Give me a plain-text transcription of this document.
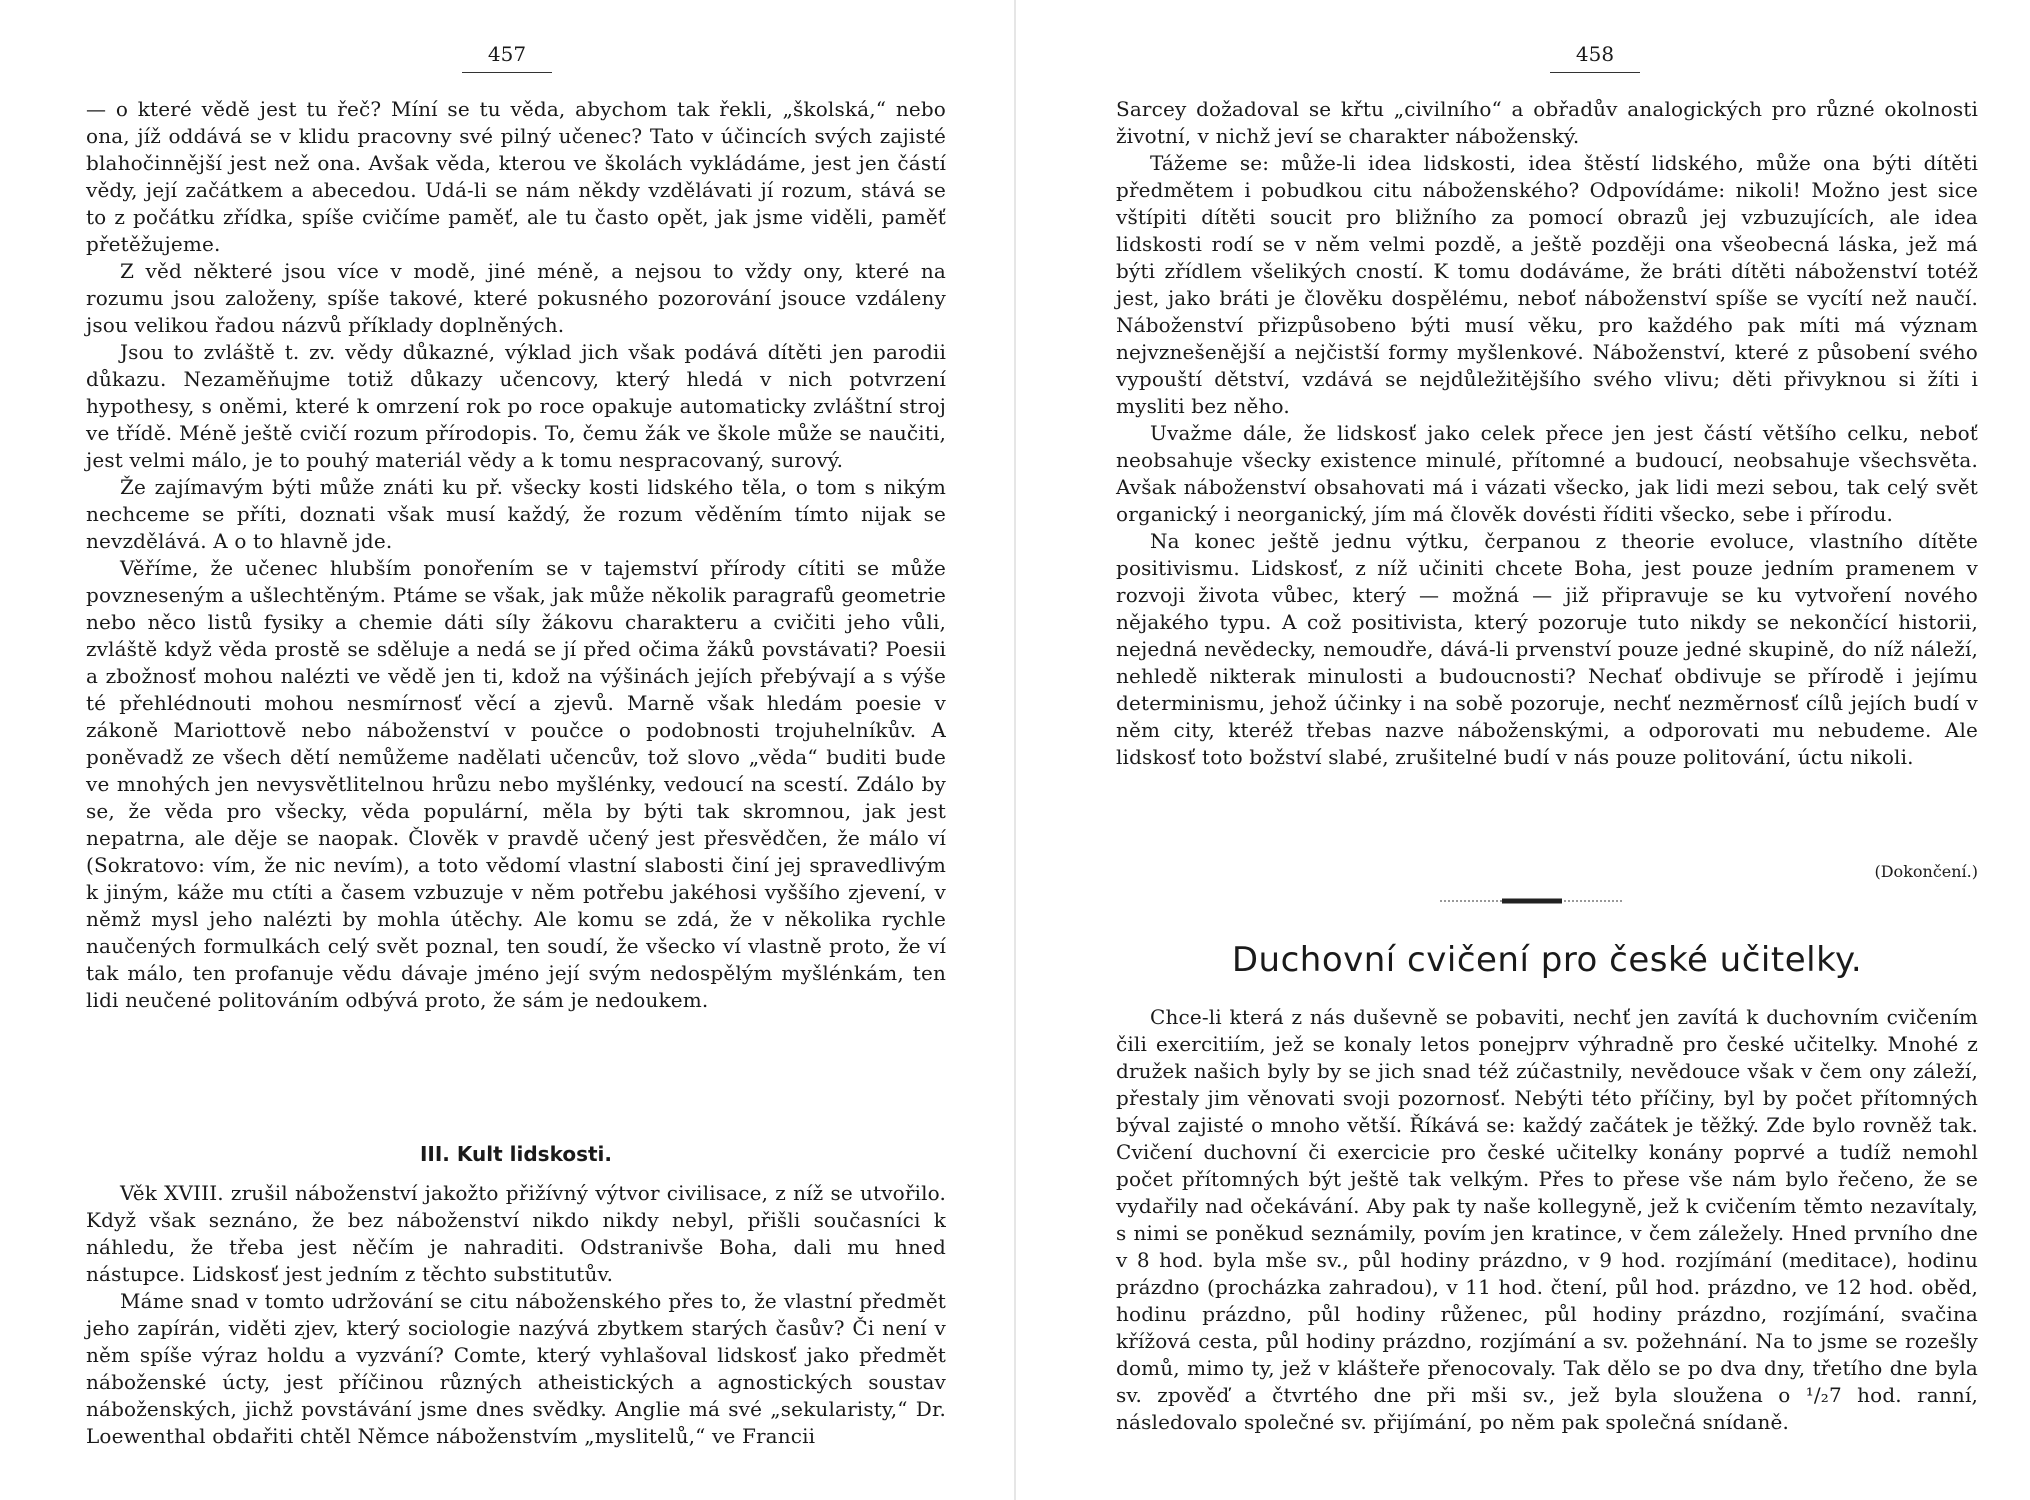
457

— o které vědě jest tu řeč? Míní se tu věda, abychom tak řekli, „školská,“ nebo ona, jíž oddává se v klidu pracovny své pilný učenec? Tato v účincích svých zajisté blahočinnější jest než ona. Avšak věda, kterou ve školách vykládáme, jest jen částí vědy, její začátkem a abecedou. Udá-li se nám někdy vzdělávati jí rozum, stává se to z počátku zřídka, spíše cvičíme paměť, ale tu často opět, jak jsme viděli, paměť přetěžujeme.

Z věd některé jsou více v modě, jiné méně, a nejsou to vždy ony, které na rozumu jsou založeny, spíše takové, které pokusného pozorování jsouce vzdáleny jsou velikou řadou názvů příklady doplněných.

Jsou to zvláště t. zv. vědy důkazné, výklad jich však podává dítěti jen parodii důkazu. Nezaměňujme totiž důkazy učencovy, který hledá v nich potvrzení hypothesy, s oněmi, které k omrzení rok po roce opakuje automaticky zvláštní stroj ve třídě. Méně ještě cvičí rozum přírodopis. To, čemu žák ve škole může se naučiti, jest velmi málo, je to pouhý materiál vědy a k tomu nespracovaný, surový.

Že zajímavým býti může znáti ku př. všecky kosti lidského těla, o tom s nikým nechceme se příti, doznati však musí každý, že rozum věděním tímto nijak se nevzdělává. A o to hlavně jde.

Věříme, že učenec hlubším ponořením se v tajemství přírody cítiti se může povzneseným a ušlechtěným. Ptáme se však, jak může několik paragrafů geometrie nebo něco listů fysiky a chemie dáti síly žákovu charakteru a cvičiti jeho vůli, zvláště když věda prostě se sděluje a nedá se jí před očima žáků povstávati? Poesii a zbožnosť mohou nalézti ve vědě jen ti, kdož na výšinách jejích přebývají a s výše té přehlédnouti mohou nesmírnosť věcí a zjevů. Marně však hledám poesie v zákoně Mariottově nebo náboženství v poučce o podobnosti trojuhelníkův. A poněvadž ze všech dětí nemůžeme nadělati učencův, tož slovo „věda“ buditi bude ve mnohých jen nevysvětlitelnou hrůzu nebo myšlénky, vedoucí na scestí. Zdálo by se, že věda pro všecky, věda populární, měla by býti tak skromnou, jak jest nepatrna, ale děje se naopak. Člověk v pravdě učený jest přesvědčen, že málo ví (Sokratovo: vím, že nic nevím), a toto vědomí vlastní slabosti činí jej spravedlivým k jiným, káže mu ctíti a časem vzbuzuje v něm potřebu jakéhosi vyššího zjevení, v němž mysl jeho nalézti by mohla útěchy. Ale komu se zdá, že v několika rychle naučených formulkách celý svět poznal, ten soudí, že všecko ví vlastně proto, že ví tak málo, ten profanuje vědu dávaje jméno její svým nedospělým myšlénkám, ten lidi neučené politováním odbývá proto, že sám je nedoukem.

III. Kult lidskosti.

Věk XVIII. zrušil náboženství jakožto přižívný výtvor civilisace, z níž se utvořilo. Když však seznáno, že bez náboženství nikdo nikdy nebyl, přišli současníci k náhledu, že třeba jest něčím je nahraditi. Odstranivše Boha, dali mu hned nástupce. Lidskosť jest jedním z těchto substitutův.

Máme snad v tomto udržování se citu náboženského přes to, že vlastní předmět jeho zapírán, viděti zjev, který sociologie nazývá zbytkem starých časův? Či není v něm spíše výraz holdu a vyzvání? Comte, který vyhlašoval lidskosť jako předmět náboženské úcty, jest příčinou různých atheistických a agnostických soustav náboženských, jichž povstávání jsme dnes svědky. Anglie má své „sekularisty,“ Dr. Loewenthal obdařiti chtěl Němce náboženstvím „myslitelů,“ ve Francii

458

Sarcey dožadoval se křtu „civilního“ a obřadův analogických pro různé okolnosti životní, v nichž jeví se charakter náboženský.

Tážeme se: může-li idea lidskosti, idea štěstí lidského, může ona býti dítěti předmětem i pobudkou citu náboženského? Odpovídáme: nikoli! Možno jest sice vštípiti dítěti soucit pro bližního za pomocí obrazů jej vzbuzujících, ale idea lidskosti rodí se v něm velmi pozdě, a ještě později ona všeobecná láska, jež má býti zřídlem všelikých cností. K tomu dodáváme, že bráti dítěti náboženství totéž jest, jako bráti je člověku dospělému, neboť náboženství spíše se vycítí než naučí. Náboženství přizpůsobeno býti musí věku, pro každého pak míti má význam nejvznešenější a nejčistší formy myšlenkové. Náboženství, které z působení svého vypouští dětství, vzdává se nejdůležitějšího svého vlivu; děti přivyknou si žíti i mysliti bez něho.

Uvažme dále, že lidskosť jako celek přece jen jest částí většího celku, neboť neobsahuje všecky existence minulé, přítomné a budoucí, neobsahuje všechsvěta. Avšak náboženství obsahovati má i vázati všecko, jak lidi mezi sebou, tak celý svět organický i neorganický, jím má člověk dovésti říditi všecko, sebe i přírodu.

Na konec ještě jednu výtku, čerpanou z theorie evoluce, vlastního dítěte positivismu. Lidskosť, z níž učiniti chcete Boha, jest pouze jedním pramenem v rozvoji života vůbec, který — možná — již připravuje se ku vytvoření nového nějakého typu. A což positivista, který pozoruje tuto nikdy se nekončící historii, nejedná nevědecky, nemoudře, dává-li prvenství pouze jedné skupině, do níž náleží, nehledě nikterak minulosti a budoucnosti? Nechať obdivuje se přírodě i jejímu determinismu, jehož účinky i na sobě pozoruje, nechť nezměrnosť cílů jejích budí v něm city, kteréž třebas nazve náboženskými, a odporovati mu nebudeme. Ale lidskosť toto božství slabé, zrušitelné budí v nás pouze politování, úctu nikoli.

(Dokončení.)
Duchovní cvičení pro české učitelky.

Chce-li která z nás duševně se pobaviti, nechť jen zavítá k duchovním cvičením čili exercitiím, jež se konaly letos ponejprv výhradně pro české učitelky. Mnohé z družek našich byly by se jich snad též zúčastnily, nevědouce však v čem ony záleží, přestaly jim věnovati svoji pozornosť. Nebýti této příčiny, byl by počet přítomných býval zajisté o mnoho větší. Říkává se: každý začátek je těžký. Zde bylo rovněž tak. Cvičení duchovní či exercicie pro české učitelky konány poprvé a tudíž nemohl počet přítomných být ještě tak velkým. Přes to přese vše nám bylo řečeno, že se vydařily nad očekávání. Aby pak ty naše kollegyně, jež k cvičením těmto nezavítaly, s nimi se poněkud seznámily, povím jen kratince, v čem záležely. Hned prvního dne v 8 hod. byla mše sv., půl hodiny prázdno, v 9 hod. rozjímání (meditace), hodinu prázdno (procházka zahradou), v 11 hod. čtení, půl hod. prázdno, ve 12 hod. oběd, hodinu prázdno, půl hodiny růženec, půl hodiny prázdno, rozjímání, svačina křížová cesta, půl hodiny prázdno, rozjímání a sv. požehnání. Na to jsme se rozešly domů, mimo ty, jež v klášteře přenocovaly. Tak dělo se po dva dny, třetího dne byla sv. zpověď a čtvrtého dne při mši sv., jež byla sloužena o ¹/₂7 hod. ranní, následovalo společné sv. přijímání, po něm pak společná snídaně.
